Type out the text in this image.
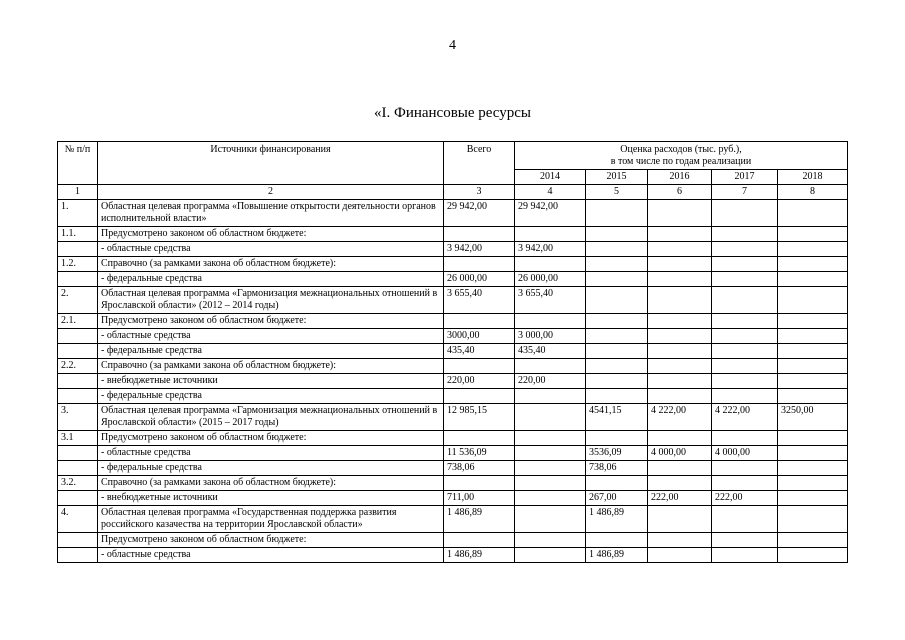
4
«I. Финансовые ресурсы
№ п/п	Источники финансирования	Всего	Оценка расходов (тыс. руб.),
в том числе по годам реализации				

			2014	2015	2016	2017	2018
1	2	3	4	5	6	7	8
1.	Областная целевая программа «Повышение открытости деятельности органов исполнительной власти»	29 942,00	29 942,00				
1.1.	Предусмотрено законом об областном бюджете:						
	- областные средства	3 942,00	3 942,00				
1.2.	Справочно (за рамками закона об областном бюджете):						
	- федеральные средства	26 000,00	26 000,00				
2.	Областная целевая программа «Гармонизация межнациональных отношений в Ярославской области» (2012 – 2014 годы)	3 655,40	3 655,40				
2.1.	Предусмотрено законом об областном бюджете:						
	- областные средства	3000,00	3 000,00				
	- федеральные средства	435,40	435,40				
2.2.	Справочно (за рамками закона об областном бюджете):						
	- внебюджетные источники	220,00	220,00				
	- федеральные средства						
3.	Областная целевая программа «Гармонизация межнациональных отношений в Ярославской области» (2015 – 2017 годы)	12 985,15		4541,15	4 222,00	4 222,00	3250,00
3.1	Предусмотрено законом об областном бюджете:						
	- областные средства	11 536,09		3536,09	4 000,00	4 000,00	
	- федеральные средства	738,06		738,06			
3.2.	Справочно (за рамками закона об областном бюджете):						
	- внебюджетные источники	711,00		267,00	222,00	222,00	
4.	Областная целевая программа «Государственная поддержка развития российского казачества на территории Ярославской области»	1 486,89		1 486,89			
	Предусмотрено законом об областном бюджете:						
	- областные средства	1 486,89		1 486,89			
